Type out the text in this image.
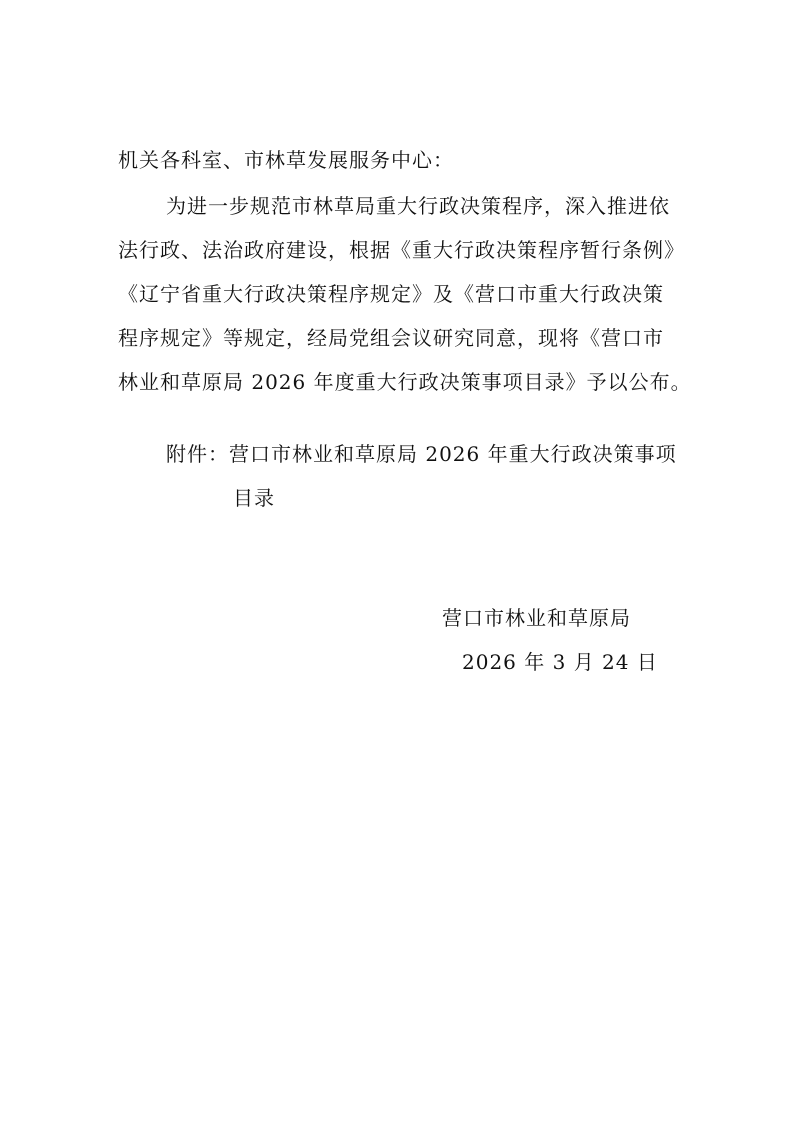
机关各科室、市林草发展服务中心：
为进一步规范市林草局重大行政决策程序，深入推进依
法行政、法治政府建设，根据《重大行政决策程序暂行条例》
《辽宁省重大行政决策程序规定》及《营口市重大行政决策
程序规定》等规定，经局党组会议研究同意，现将《营口市
林业和草原局 2026 年度重大行政决策事项目录》予以公布。
附件：营口市林业和草原局 2026 年重大行政决策事项
目录
营口市林业和草原局
2026 年 3 月 24 日
